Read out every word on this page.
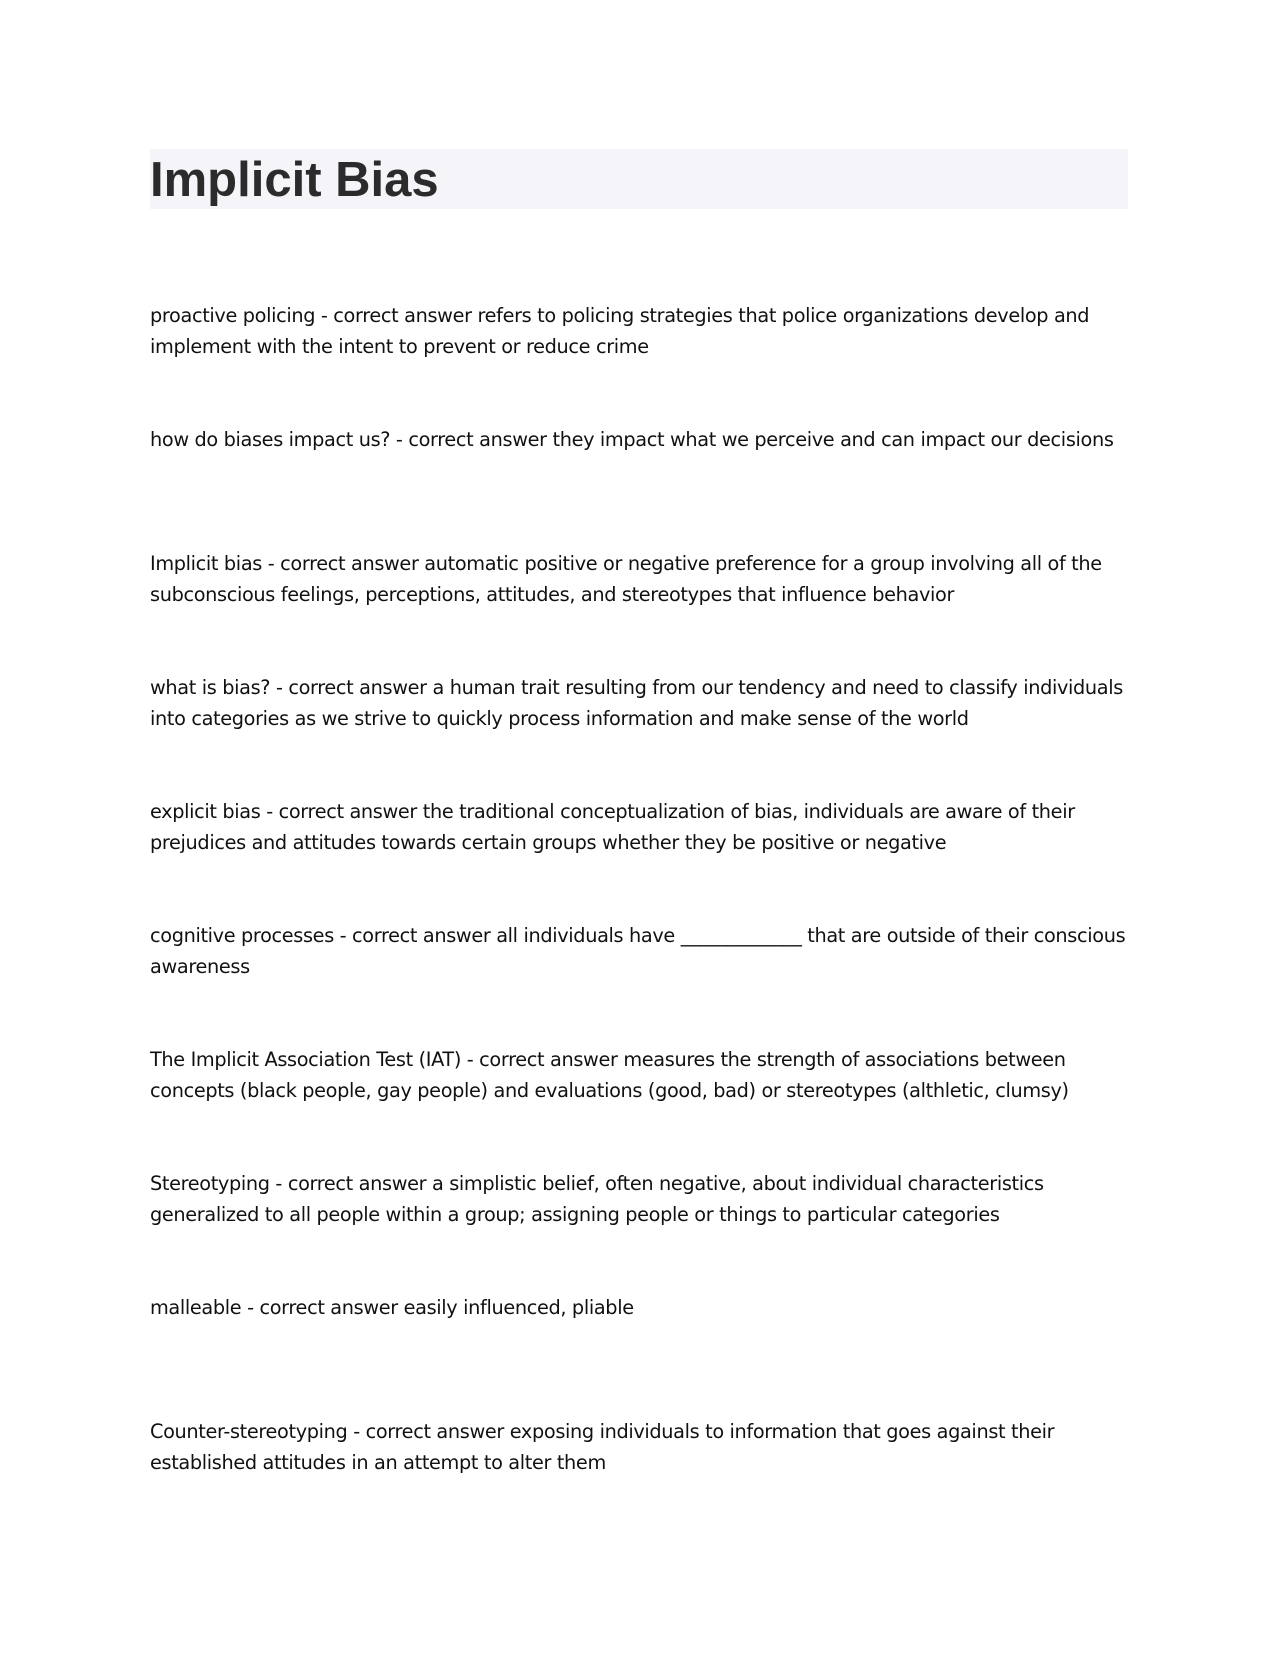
Implicit Bias
proactive policing - correct answer refers to policing strategies that police organizations develop and implement with the intent to prevent or reduce crime
how do biases impact us? - correct answer they impact what we perceive and can impact our decisions
Implicit bias - correct answer automatic positive or negative preference for a group involving all of the subconscious feelings, perceptions, attitudes, and stereotypes that influence behavior
what is bias? - correct answer a human trait resulting from our tendency and need to classify individuals into categories as we strive to quickly process information and make sense of the world
explicit bias - correct answer the traditional conceptualization of bias, individuals are aware of their prejudices and attitudes towards certain groups whether they be positive or negative
cognitive processes - correct answer all individuals have _____________ that are outside of their conscious awareness
The Implicit Association Test (IAT) - correct answer measures the strength of associations between concepts (black people, gay people) and evaluations (good, bad) or stereotypes (althletic, clumsy)
Stereotyping - correct answer a simplistic belief, often negative, about individual characteristics generalized to all people within a group; assigning people or things to particular categories
malleable - correct answer easily influenced, pliable
Counter-stereotyping - correct answer exposing individuals to information that goes against their established attitudes in an attempt to alter them
